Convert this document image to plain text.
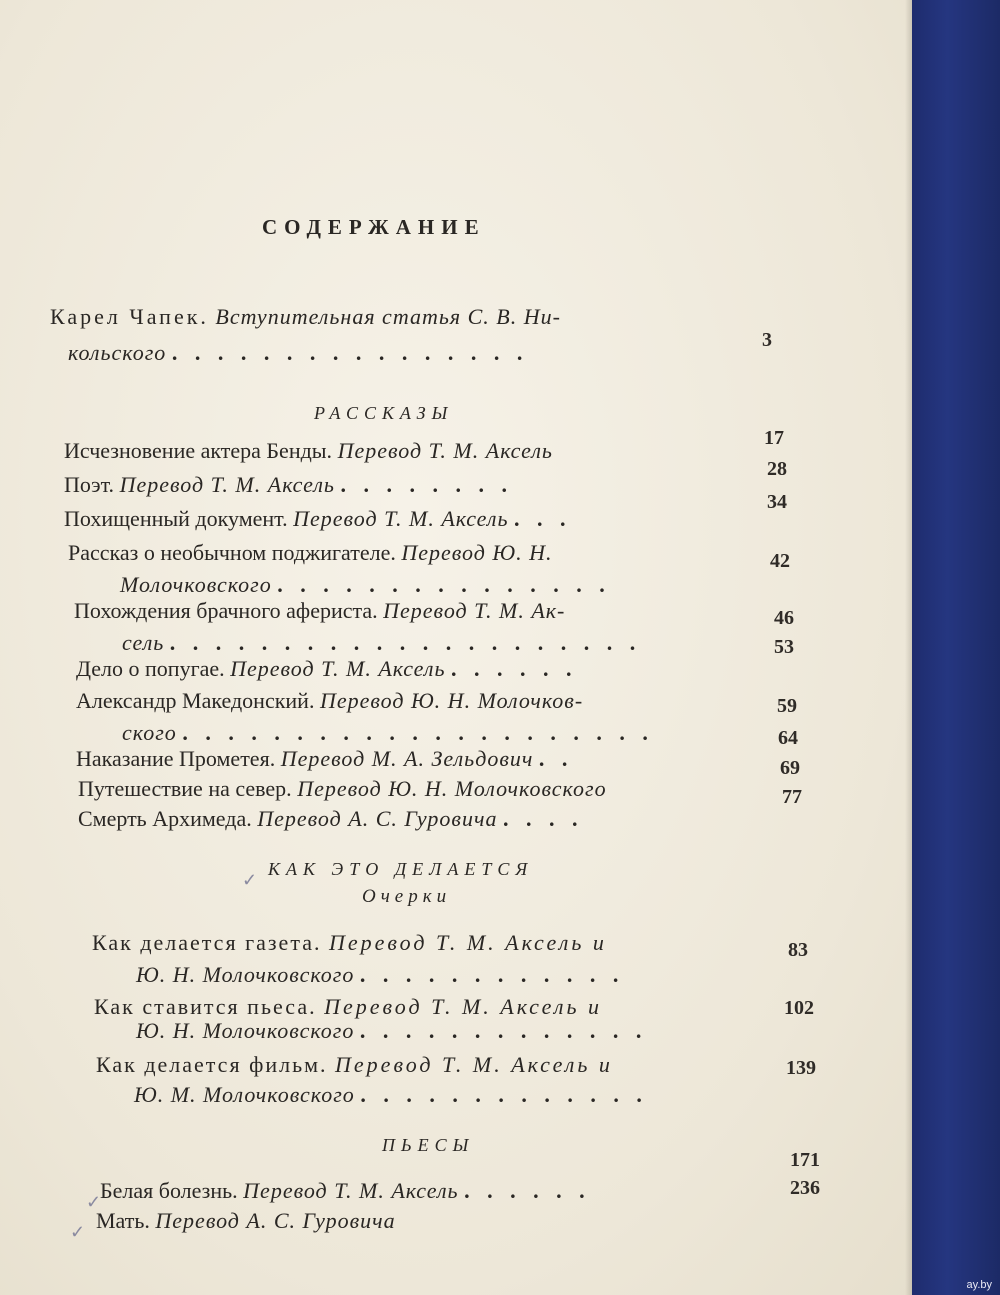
СОДЕРЖАНИЕ
Карел Чапек. Вступительная статья С. В. Ни-
кольского . . . . . . . . . . . . . . . .	3
РАССКАЗЫ
Исчезновение актера Бенды. Перевод Т. М. Аксель	17
Поэт. Перевод Т. М. Аксель . . . . . . . .
28
Похищенный документ. Перевод Т. М. Аксель . . .
34
Рассказ о необычном поджигателе. Перевод Ю. Н.
Молочковского . . . . . . . . . . . . . . .
42
Похождения брачного афериста. Перевод Т. М. Ак-
сель . . . . . . . . . . . . . . . . . . . . .
46
Дело о попугае. Перевод Т. М. Аксель . . . . . .
53
Александр Македонский. Перевод Ю. Н. Молочков-
ского . . . . . . . . . . . . . . . . . . . . .
59
Наказание Прометея. Перевод М. А. Зельдович . .
64
Путешествие на север. Перевод Ю. Н. Молочковского
69
Смерть Архимеда. Перевод А. С. Гуровича . . . .
77
✓
КАК ЭТО ДЕЛАЕТСЯ
Очерки
Как делается газета. Перевод Т. М. Аксель и
Ю. Н. Молочковского . . . . . . . . . . . .
83
Как ставится пьеса. Перевод Т. М. Аксель и
Ю. Н. Молочковского . . . . . . . . . . . . .
102
Как делается фильм. Перевод Т. М. Аксель и
Ю. М. Молочковского . . . . . . . . . . . . .
139
ПЬЕСЫ
✓
Белая болезнь. Перевод Т. М. Аксель . . . . . .
171
✓ Мать. Перевод А. С. Гуровича
236
ay.by
